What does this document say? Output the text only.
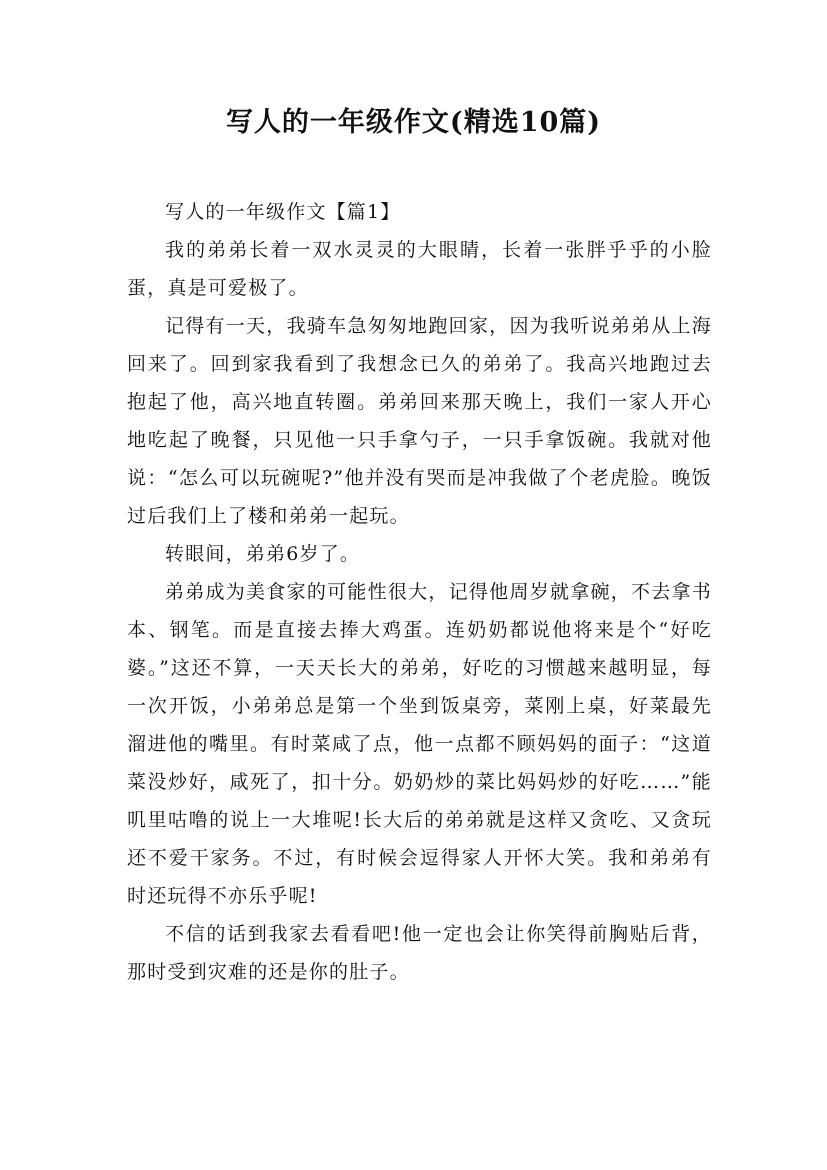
写人的一年级作文(精选10篇)

写人的一年级作文【篇1】

我的弟弟长着一双水灵灵的大眼睛，长着一张胖乎乎的小脸蛋，真是可爱极了。

记得有一天，我骑车急匆匆地跑回家，因为我听说弟弟从上海回来了。回到家我看到了我想念已久的弟弟了。我高兴地跑过去抱起了他，高兴地直转圈。弟弟回来那天晚上，我们一家人开心地吃起了晚餐，只见他一只手拿勺子，一只手拿饭碗。我就对他说：“怎么可以玩碗呢?”他并没有哭而是冲我做了个老虎脸。晚饭过后我们上了楼和弟弟一起玩。

转眼间，弟弟6岁了。

弟弟成为美食家的可能性很大，记得他周岁就拿碗，不去拿书本、钢笔。而是直接去捧大鸡蛋。连奶奶都说他将来是个“好吃婆。”这还不算，一天天长大的弟弟，好吃的习惯越来越明显，每一次开饭，小弟弟总是第一个坐到饭桌旁，菜刚上桌，好菜最先溜进他的嘴里。有时菜咸了点，他一点都不顾妈妈的面子：“这道菜没炒好，咸死了，扣十分。奶奶炒的菜比妈妈炒的好吃……”能叽里咕噜的说上一大堆呢!长大后的弟弟就是这样又贪吃、又贪玩还不爱干家务。不过，有时候会逗得家人开怀大笑。我和弟弟有时还玩得不亦乐乎呢!

不信的话到我家去看看吧!他一定也会让你笑得前胸贴后背，那时受到灾难的还是你的肚子。
